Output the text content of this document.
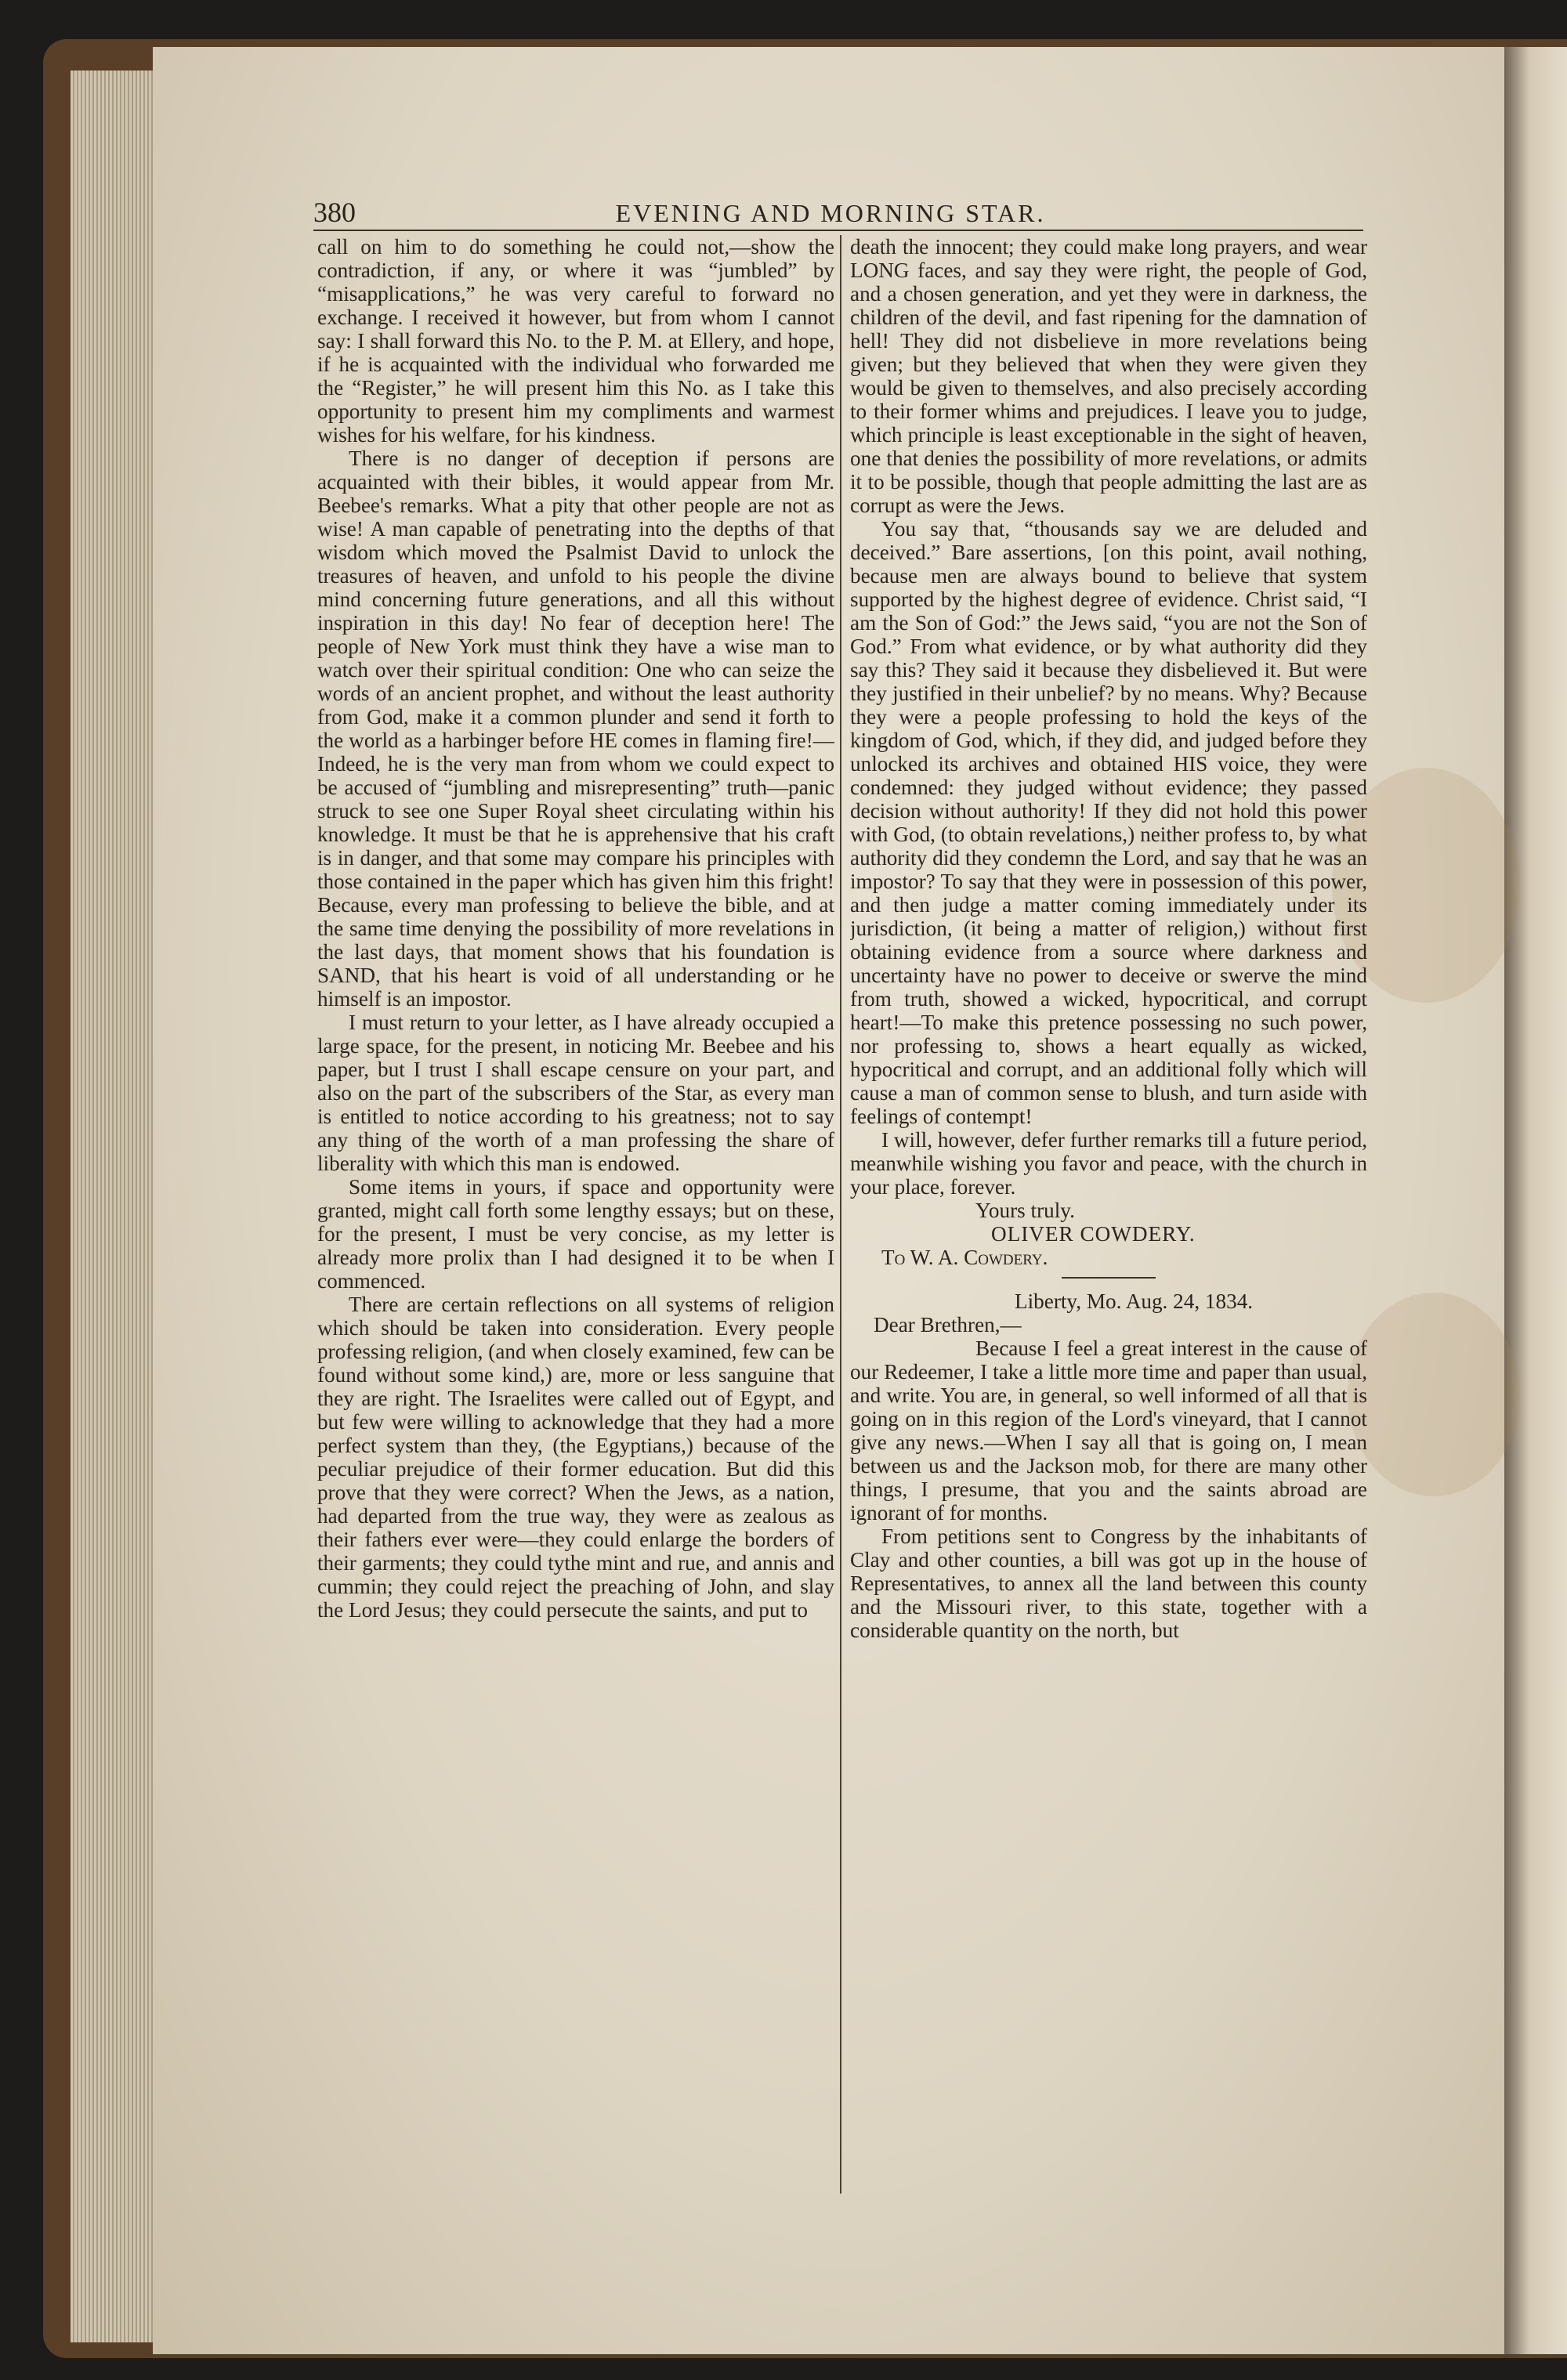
380	EVENING AND MORNING STAR.

call on him to do something he could not,—show the contradiction, if any, or where it was “jumbled” by “misapplications,” he was very careful to forward no exchange. I received it however, but from whom I cannot say: I shall forward this No. to the P. M. at Ellery, and hope, if he is acquainted with the individual who forwarded me the “Register,” he will present him this No. as I take this opportunity to present him my compliments and warmest wishes for his welfare, for his kindness.

There is no danger of deception if persons are acquainted with their bibles, it would appear from Mr. Beebee's remarks. What a pity that other people are not as wise! A man capable of penetrating into the depths of that wisdom which moved the Psalmist David to unlock the treasures of heaven, and unfold to his people the divine mind concerning future generations, and all this without inspiration in this day! No fear of deception here! The people of New York must think they have a wise man to watch over their spiritual condition: One who can seize the words of an ancient prophet, and without the least authority from God, make it a common plunder and send it forth to the world as a harbinger before HE comes in flaming fire!—Indeed, he is the very man from whom we could expect to be accused of “jumbling and misrepresenting” truth—panic struck to see one Super Royal sheet circulating within his knowledge. It must be that he is apprehensive that his craft is in danger, and that some may compare his principles with those contained in the paper which has given him this fright! Because, every man professing to believe the bible, and at the same time denying the possibility of more revelations in the last days, that moment shows that his foundation is SAND, that his heart is void of all understanding or he himself is an impostor.

I must return to your letter, as I have already occupied a large space, for the present, in noticing Mr. Beebee and his paper, but I trust I shall escape censure on your part, and also on the part of the subscribers of the Star, as every man is entitled to notice according to his greatness; not to say any thing of the worth of a man professing the share of liberality with which this man is endowed.

Some items in yours, if space and opportunity were granted, might call forth some lengthy essays; but on these, for the present, I must be very concise, as my letter is already more prolix than I had designed it to be when I commenced.

There are certain reflections on all systems of religion which should be taken into consideration. Every people professing religion, (and when closely examined, few can be found without some kind,) are, more or less sanguine that they are right. The Israelites were called out of Egypt, and but few were willing to acknowledge that they had a more perfect system than they, (the Egyptians,) because of the peculiar prejudice of their former education. But did this prove that they were correct? When the Jews, as a nation, had departed from the true way, they were as zealous as their fathers ever were—they could enlarge the borders of their garments; they could tythe mint and rue, and annis and cummin; they could reject the preaching of John, and slay the Lord Jesus; they could persecute the saints, and put to

death the innocent; they could make long prayers, and wear LONG faces, and say they were right, the people of God, and a chosen generation, and yet they were in darkness, the children of the devil, and fast ripening for the damnation of hell! They did not disbelieve in more revelations being given; but they believed that when they were given they would be given to themselves, and also precisely according to their former whims and prejudices. I leave you to judge, which principle is least exceptionable in the sight of heaven, one that denies the possibility of more revelations, or admits it to be possible, though that people admitting the last are as corrupt as were the Jews.

You say that, “thousands say we are deluded and deceived.” Bare assertions, [on this point, avail nothing, because men are always bound to believe that system supported by the highest degree of evidence. Christ said, “I am the Son of God:” the Jews said, “you are not the Son of God.” From what evidence, or by what authority did they say this? They said it because they disbelieved it. But were they justified in their unbelief? by no means. Why? Because they were a people professing to hold the keys of the kingdom of God, which, if they did, and judged before they unlocked its archives and obtained HIS voice, they were condemned: they judged without evidence; they passed decision without authority! If they did not hold this power with God, (to obtain revelations,) neither profess to, by what authority did they condemn the Lord, and say that he was an impostor? To say that they were in possession of this power, and then judge a matter coming immediately under its jurisdiction, (it being a matter of religion,) without first obtaining evidence from a source where darkness and uncertainty have no power to deceive or swerve the mind from truth, showed a wicked, hypocritical, and corrupt heart!—To make this pretence possessing no such power, nor professing to, shows a heart equally as wicked, hypocritical and corrupt, and an additional folly which will cause a man of common sense to blush, and turn aside with feelings of contempt!

I will, however, defer further remarks till a future period, meanwhile wishing you favor and peace, with the church in your place, forever.

Yours truly.

OLIVER COWDERY.

To W. A. Cowdery.

Liberty, Mo. Aug. 24, 1834.

Dear Brethren,—

Because I feel a great interest in the cause of our Redeemer, I take a little more time and paper than usual, and write. You are, in general, so well informed of all that is going on in this region of the Lord's vineyard, that I cannot give any news.—When I say all that is going on, I mean between us and the Jackson mob, for there are many other things, I presume, that you and the saints abroad are ignorant of for months.

From petitions sent to Congress by the inhabitants of Clay and other counties, a bill was got up in the house of Representatives, to annex all the land between this county and the Missouri river, to this state, together with a considerable quantity on the north, but
